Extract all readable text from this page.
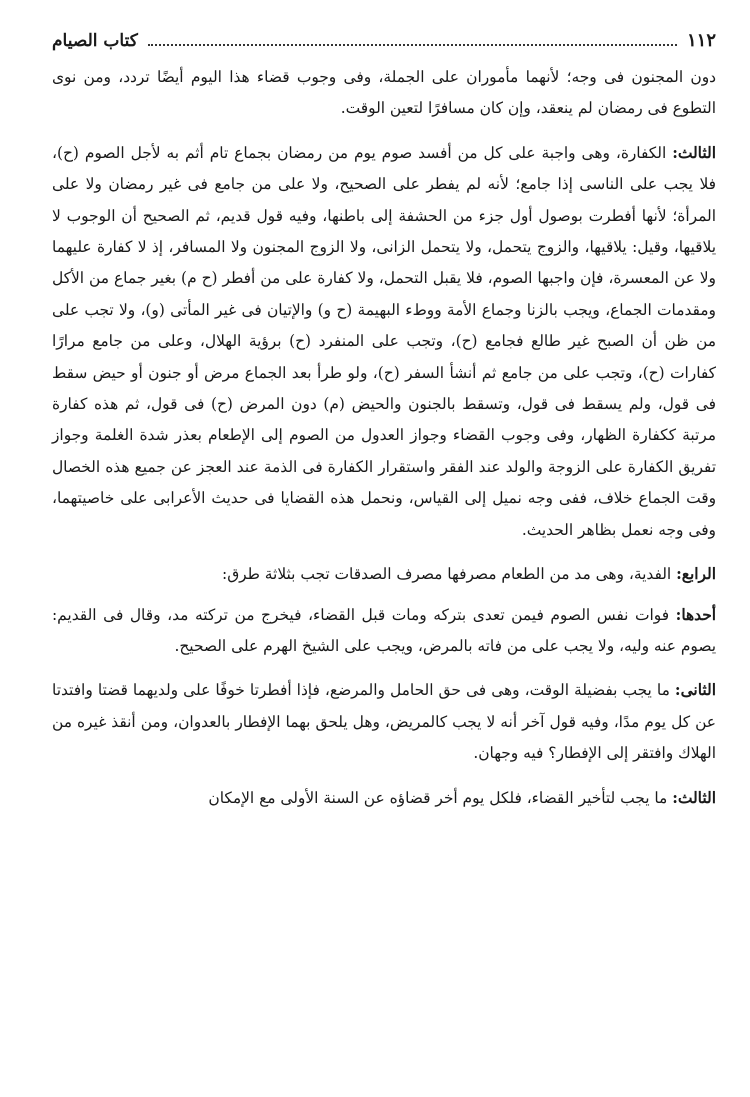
١١٢
كتاب الصيام

دون المجنون فى وجه؛ لأنهما مأموران على الجملة، وفى وجوب قضاء هذا اليوم أيضًا تردد، ومن نوى التطوع فى رمضان لم ينعقد، وإن كان مسافرًا لتعين الوقت.

الثالث: الكفارة، وهى واجبة على كل من أفسد صوم يوم من رمضان بجماع تام أثم به لأجل الصوم (ح)، فلا يجب على الناسى إذا جامع؛ لأنه لم يفطر على الصحيح، ولا على من جامع فى غير رمضان ولا على المرأة؛ لأنها أفطرت بوصول أول جزء من الحشفة إلى باطنها، وفيه قول قديم، ثم الصحيح أن الوجوب لا يلاقيها، وقيل: يلاقيها، والزوج يتحمل، ولا يتحمل الزانى، ولا الزوج المجنون ولا المسافر، إذ لا كفارة عليهما ولا عن المعسرة، فإن واجبها الصوم، فلا يقبل التحمل، ولا كفارة على من أفطر (ح م) بغير جماع من الأكل ومقدمات الجماع، ويجب بالزنا وجماع الأمة ووطء البهيمة (ح و) والإتيان فى غير المأتى (و)، ولا تجب على من ظن أن الصبح غير طالع فجامع (ح)، وتجب على المنفرد (ح) برؤية الهلال، وعلى من جامع مرارًا كفارات (ح)، وتجب على من جامع ثم أنشأ السفر (ح)، ولو طرأ بعد الجماع مرض أو جنون أو حيض سقط فى قول، ولم يسقط فى قول، وتسقط بالجنون والحيض (م) دون المرض (ح) فى قول، ثم هذه كفارة مرتبة ككفارة الظهار، وفى وجوب القضاء وجواز العدول من الصوم إلى الإطعام بعذر شدة الغلمة وجواز تفريق الكفارة على الزوجة والولد عند الفقر واستقرار الكفارة فى الذمة عند العجز عن جميع هذه الخصال وقت الجماع خلاف، ففى وجه نميل إلى القياس، ونحمل هذه القضايا فى حديث الأعرابى على خاصيتهما، وفى وجه نعمل بظاهر الحديث.

الرابع: الفدية، وهى مد من الطعام مصرفها مصرف الصدقات تجب بثلاثة طرق:

أحدها: فوات نفس الصوم فيمن تعدى بتركه ومات قبل القضاء، فيخرج من تركته مد، وقال فى القديم: يصوم عنه وليه، ولا يجب على من فاته بالمرض، ويجب على الشيخ الهرم على الصحيح.

الثانى: ما يجب بفضيلة الوقت، وهى فى حق الحامل والمرضع، فإذا أفطرتا خوفًا على ولديهما قضتا وافتدتا عن كل يوم مدًا، وفيه قول آخر أنه لا يجب كالمريض، وهل يلحق بهما الإفطار بالعدوان، ومن أنقذ غيره من الهلاك وافتقر إلى الإفطار؟ فيه وجهان.

الثالث: ما يجب لتأخير القضاء، فلكل يوم أخر قضاؤه عن السنة الأولى مع الإمكان
